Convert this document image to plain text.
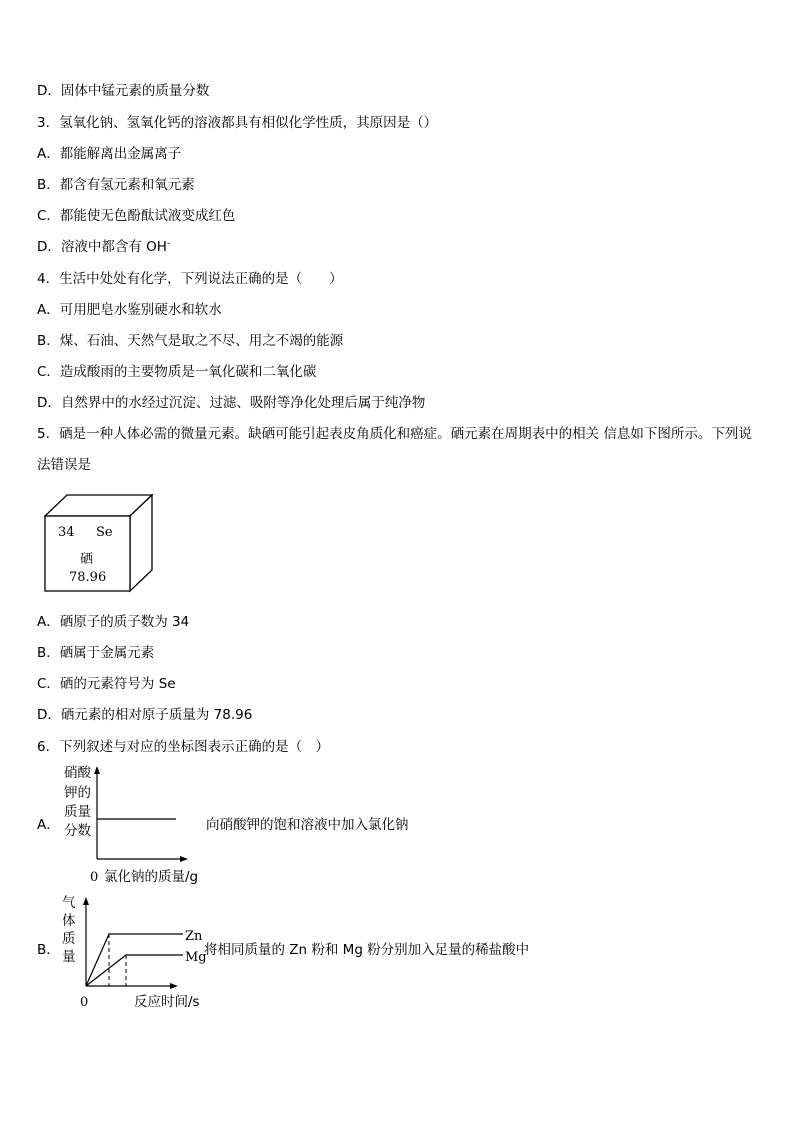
D．固体中锰元素的质量分数
3．氢氧化钠、氢氧化钙的溶液都具有相似化学性质，其原因是（）
A．都能解离出金属离子
B．都含有氢元素和氧元素
C．都能使无色酚酞试液变成红色
D．溶液中都含有 OH-
4．生活中处处有化学，下列说法正确的是（　　）
A．可用肥皂水鉴别硬水和软水
B．煤、石油、天然气是取之不尽、用之不竭的能源
C．造成酸雨的主要物质是一氧化碳和二氧化碳
D．自然界中的水经过沉淀、过滤、吸附等净化处理后属于纯净物
5．硒是一种人体必需的微量元素。缺硒可能引起表皮角质化和癌症。硒元素在周期表中的相关 信息如下图所示。下列说法错误是
34 Se
硒
78.96
A．硒原子的质子数为 34
B．硒属于金属元素
C．硒的元素符号为 Se
D．硒元素的相对原子质量为 78.96
6．下列叙述与对应的坐标图表示正确的是（　）
A．
硝酸
钾的
质量
分数
0 氯化钠的质量/g
向硝酸钾的饱和溶液中加入氯化钠
B．
气
体
质
量
Zn
Mg
0	反应时间/s
将相同质量的 Zn 粉和 Mg 粉分别加入足量的稀盐酸中
